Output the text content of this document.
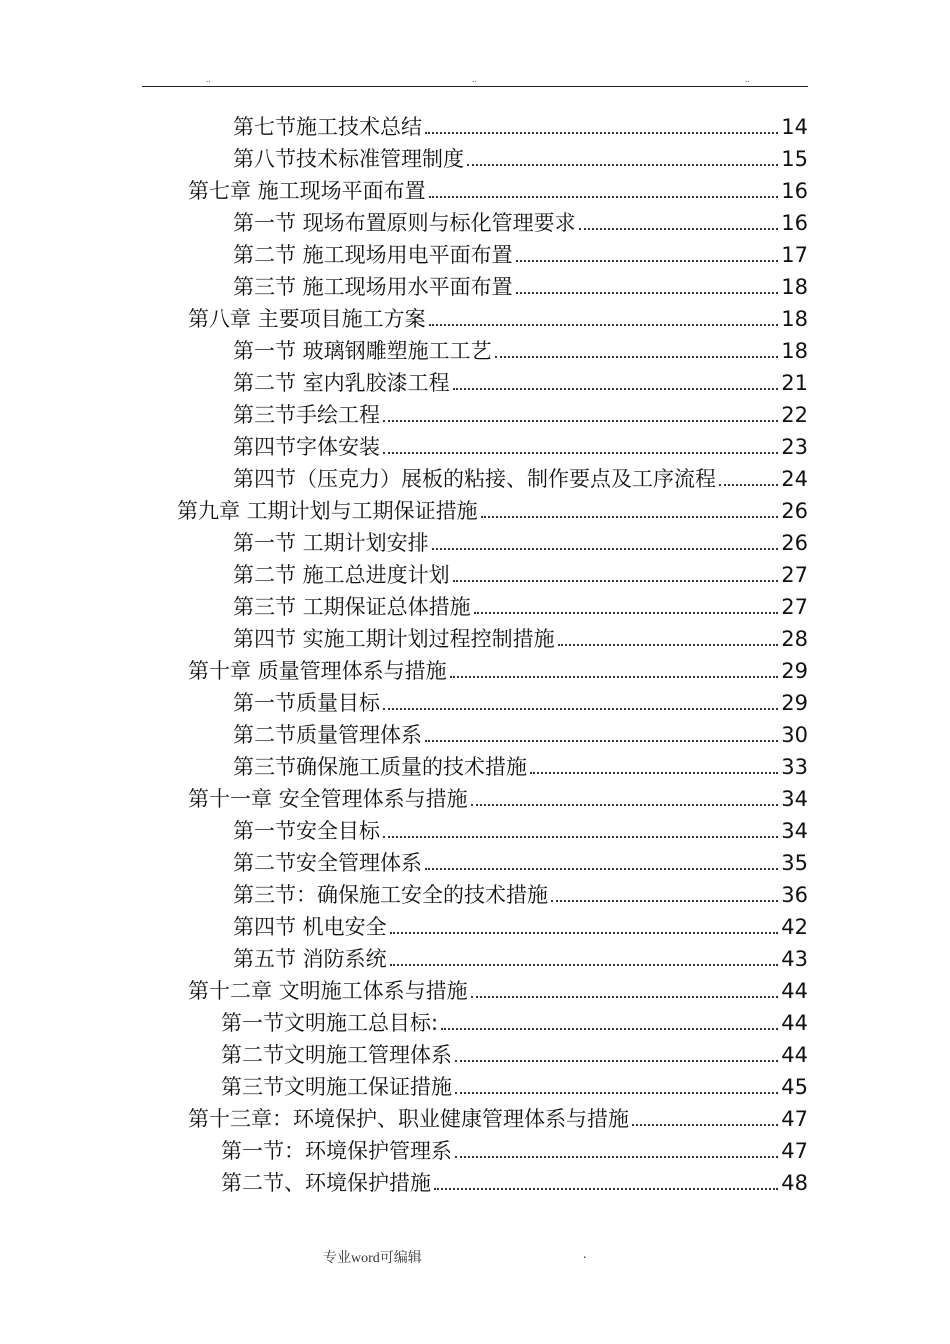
..	..	..
第七节施工技术总结	14
第八节技术标准管理制度	15
第七章 施工现场平面布置	16
第一节 现场布置原则与标化管理要求	16
第二节 施工现场用电平面布置	17
第三节 施工现场用水平面布置	18
第八章 主要项目施工方案	18
第一节 玻璃钢雕塑施工工艺	18
第二节 室内乳胶漆工程	21
第三节手绘工程	22
第四节字体安装	23
第四节（压克力）展板的粘接、制作要点及工序流程	24
第九章 工期计划与工期保证措施	26
第一节 工期计划安排	26
第二节 施工总进度计划	27
第三节 工期保证总体措施	27
第四节 实施工期计划过程控制措施	28
第十章 质量管理体系与措施	29
第一节质量目标	29
第二节质量管理体系	30
第三节确保施工质量的技术措施	33
第十一章 安全管理体系与措施	34
第一节安全目标	34
第二节安全管理体系	35
第三节：确保施工安全的技术措施	36
第四节 机电安全	42
第五节 消防系统	43
第十二章 文明施工体系与措施	44
第一节文明施工总目标:	44
第二节文明施工管理体系	44
第三节文明施工保证措施	45
第十三章：环境保护、职业健康管理体系与措施	47
第一节：环境保护管理系	47
第二节、环境保护措施	48
专业word可编辑	.
